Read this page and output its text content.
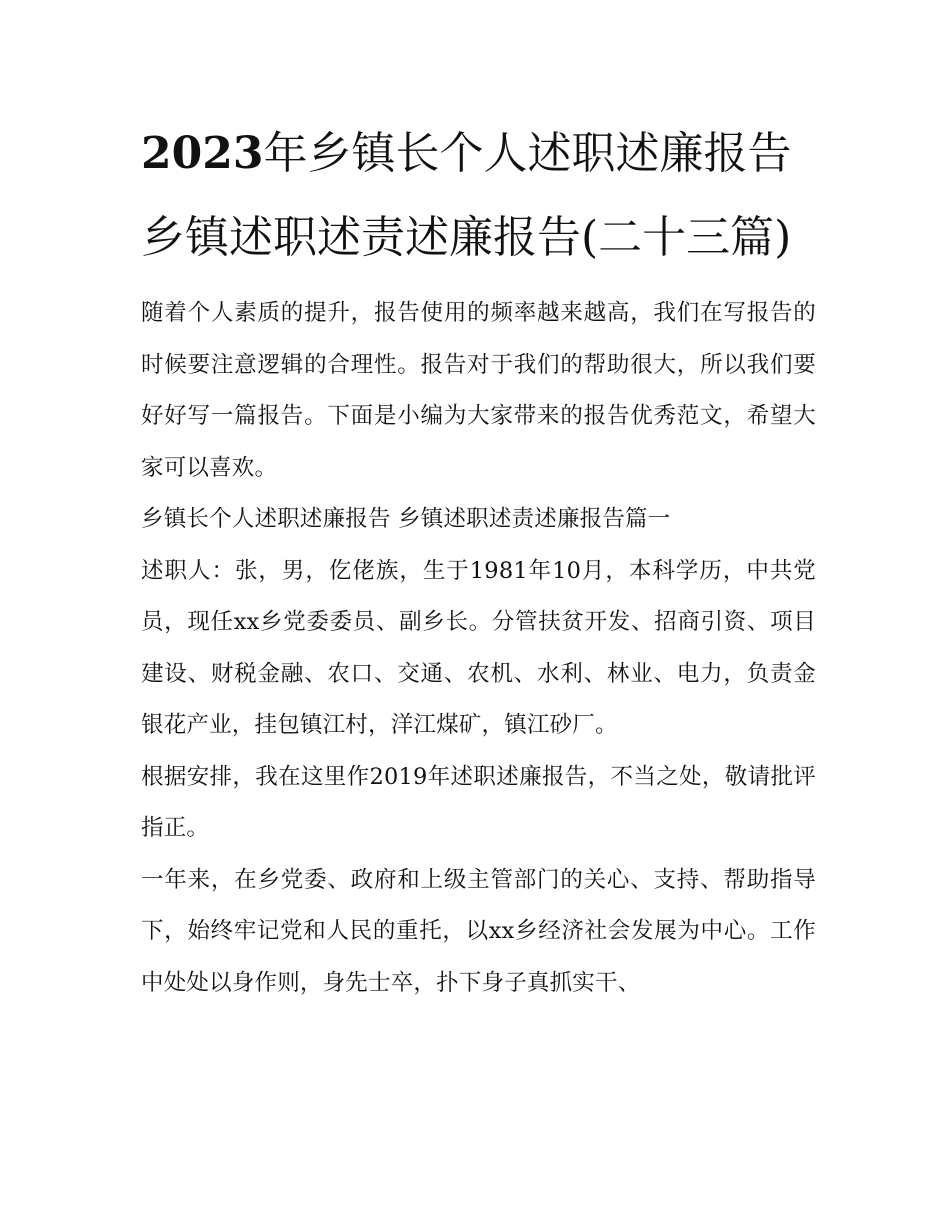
2023年乡镇长个人述职述廉报告 乡镇述职述责述廉报告(二十三篇)

随着个人素质的提升，报告使用的频率越来越高，我们在写报告的时候要注意逻辑的合理性。报告对于我们的帮助很大，所以我们要好好写一篇报告。下面是小编为大家带来的报告优秀范文，希望大家可以喜欢。

乡镇长个人述职述廉报告 乡镇述职述责述廉报告篇一

述职人：张，男，仡佬族，生于1981年10月，本科学历，中共党员，现任xx乡党委委员、副乡长。分管扶贫开发、招商引资、项目建设、财税金融、农口、交通、农机、水利、林业、电力，负责金银花产业，挂包镇江村，洋江煤矿，镇江砂厂。

根据安排，我在这里作2019年述职述廉报告，不当之处，敬请批评指正。

一年来，在乡党委、政府和上级主管部门的关心、支持、帮助指导下，始终牢记党和人民的重托，以xx乡经济社会发展为中心。工作中处处以身作则，身先士卒，扑下身子真抓实干、
